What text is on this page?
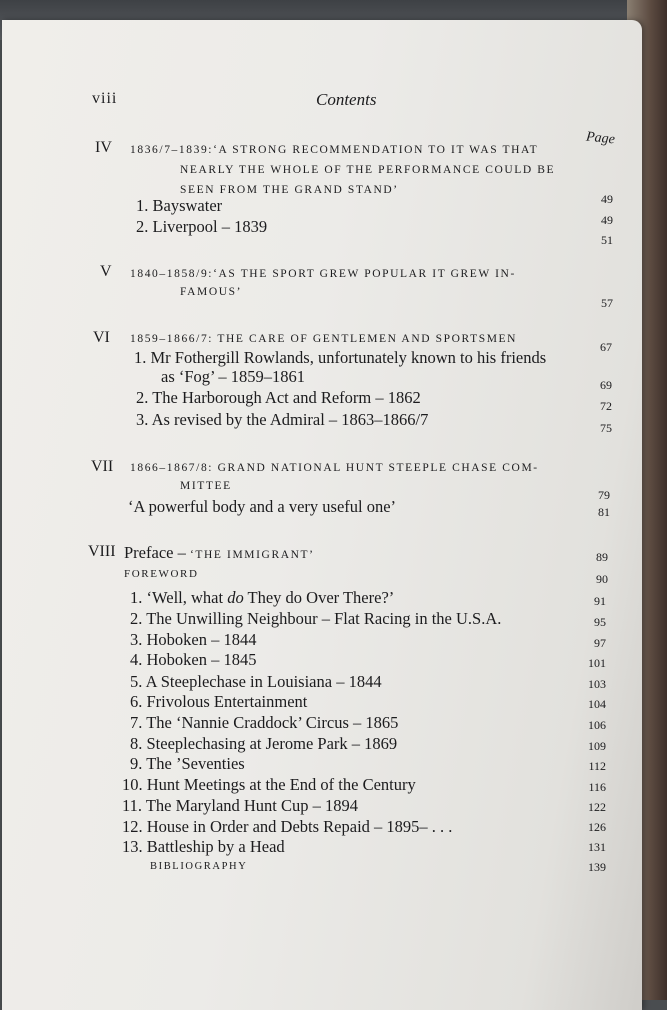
viii	Contents
Page
IV 1836/7–1839:‘A STRONG RECOMMENDATION TO IT WAS THAT
NEARLY THE WHOLE OF THE PERFORMANCE COULD BE
SEEN FROM THE GRAND STAND’
1. Bayswater
2. Liverpool – 1839
49
49
51
V 1840–1858/9:‘AS THE SPORT GREW POPULAR IT GREW IN-
FAMOUS’
57
VI 1859–1866/7: THE CARE OF GENTLEMEN AND SPORTSMEN
1. Mr Fothergill Rowlands, unfortunately known to his friends
as ‘Fog’ – 1859–1861
2. The Harborough Act and Reform – 1862
3. As revised by the Admiral – 1863–1866/7
67
69
72
75
VII 1866–1867/8: GRAND NATIONAL HUNT STEEPLE CHASE COM-
MITTEE
‘A powerful body and a very useful one’
79
81
VIII Preface – ‘THE IMMIGRANT’
FOREWORD
89
90
1. ‘Well, what do They do Over There?’
2. The Unwilling Neighbour – Flat Racing in the U.S.A.
3. Hoboken – 1844
4. Hoboken – 1845
5. A Steeplechase in Louisiana – 1844
6. Frivolous Entertainment
7. The ‘Nannie Craddock’ Circus – 1865
8. Steeplechasing at Jerome Park – 1869
9. The ’Seventies
10. Hunt Meetings at the End of the Century
11. The Maryland Hunt Cup – 1894
12. House in Order and Debts Repaid – 1895– . . .
13. Battleship by a Head
BIBLIOGRAPHY
91
95
97
101
103
104
106
109
112
116
122
126
131
139
